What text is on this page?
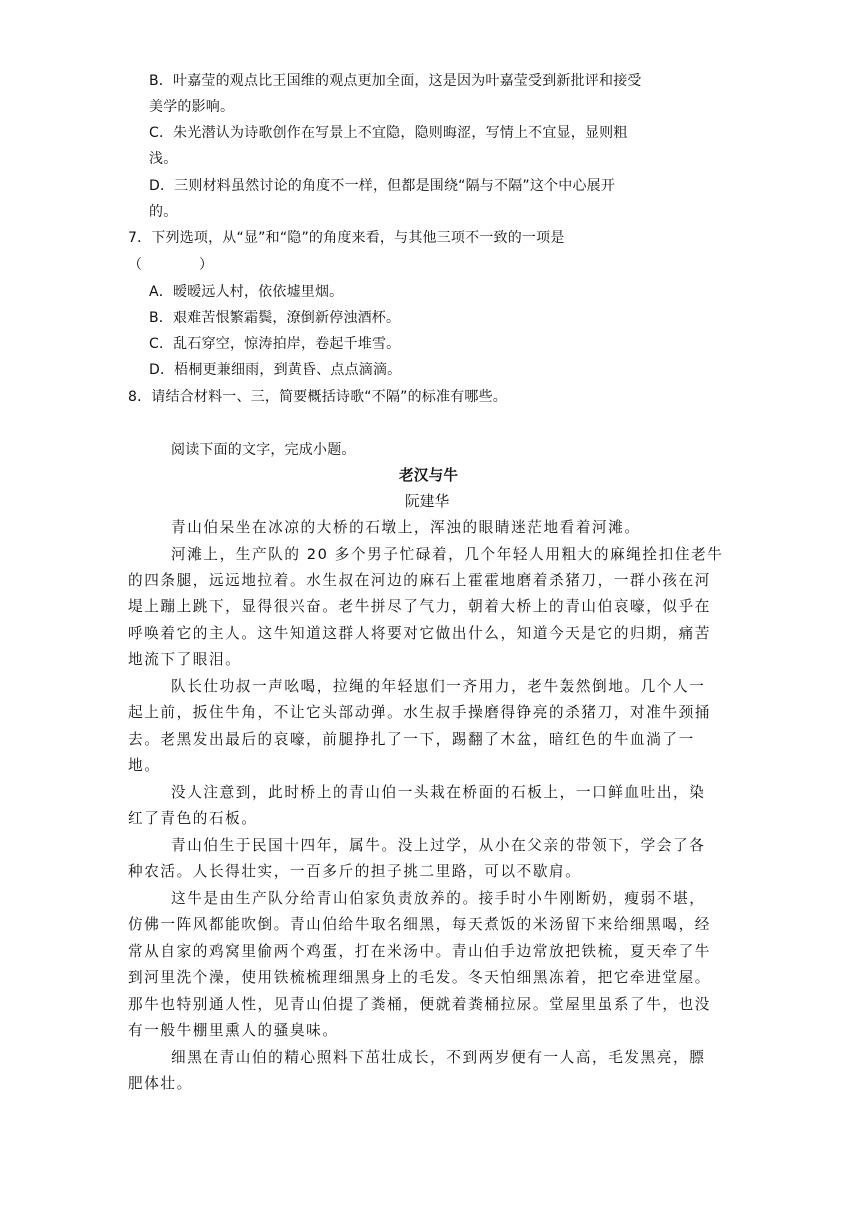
B．叶嘉莹的观点比王国维的观点更加全面，这是因为叶嘉莹受到新批评和接受
美学的影响。
C．朱光潜认为诗歌创作在写景上不宜隐，隐则晦涩，写情上不宜显，显则粗
浅。
D．三则材料虽然讨论的角度不一样，但都是围绕“隔与不隔”这个中心展开
的。
7．下列选项，从“显”和“隐”的角度来看，与其他三项不一致的一项是
（　　　　）
A．暧暧远人村，依依墟里烟。
B．艰难苦恨繁霜鬓，潦倒新停浊酒杯。
C．乱石穿空，惊涛拍岸，卷起千堆雪。
D．梧桐更兼细雨，到黄昏、点点滴滴。
8．请结合材料一、三，简要概括诗歌“不隔”的标准有哪些。
阅读下面的文字，完成小题。
老汉与牛
阮建华
青山伯呆坐在冰凉的大桥的石墩上，浑浊的眼睛迷茫地看着河滩。
河滩上，生产队的 20 多个男子忙碌着，几个年轻人用粗大的麻绳拴扣住老牛
的四条腿，远远地拉着。水生叔在河边的麻石上霍霍地磨着杀猪刀，一群小孩在河
堤上蹦上跳下，显得很兴奋。老牛拼尽了气力，朝着大桥上的青山伯哀嚎，似乎在
呼唤着它的主人。这牛知道这群人将要对它做出什么，知道今天是它的归期，痛苦
地流下了眼泪。
队长仕功叔一声吆喝，拉绳的年轻崽们一齐用力，老牛轰然倒地。几个人一
起上前，扳住牛角，不让它头部动弹。水生叔手操磨得铮亮的杀猪刀，对准牛颈捅
去。老黑发出最后的哀嚎，前腿挣扎了一下，踢翻了木盆，暗红色的牛血淌了一
地。
没人注意到，此时桥上的青山伯一头栽在桥面的石板上，一口鲜血吐出，染
红了青色的石板。
青山伯生于民国十四年，属牛。没上过学，从小在父亲的带领下，学会了各
种农活。人长得壮实，一百多斤的担子挑二里路，可以不歇肩。
这牛是由生产队分给青山伯家负责放养的。接手时小牛刚断奶，瘦弱不堪，
仿佛一阵风都能吹倒。青山伯给牛取名细黑，每天煮饭的米汤留下来给细黑喝，经
常从自家的鸡窝里偷两个鸡蛋，打在米汤中。青山伯手边常放把铁梳，夏天牵了牛
到河里洗个澡，使用铁梳梳理细黑身上的毛发。冬天怕细黑冻着，把它牵进堂屋。
那牛也特别通人性，见青山伯提了粪桶，便就着粪桶拉尿。堂屋里虽系了牛，也没
有一般牛棚里熏人的骚臭味。
细黑在青山伯的精心照料下茁壮成长，不到两岁便有一人高，毛发黑亮，膘
肥体壮。
